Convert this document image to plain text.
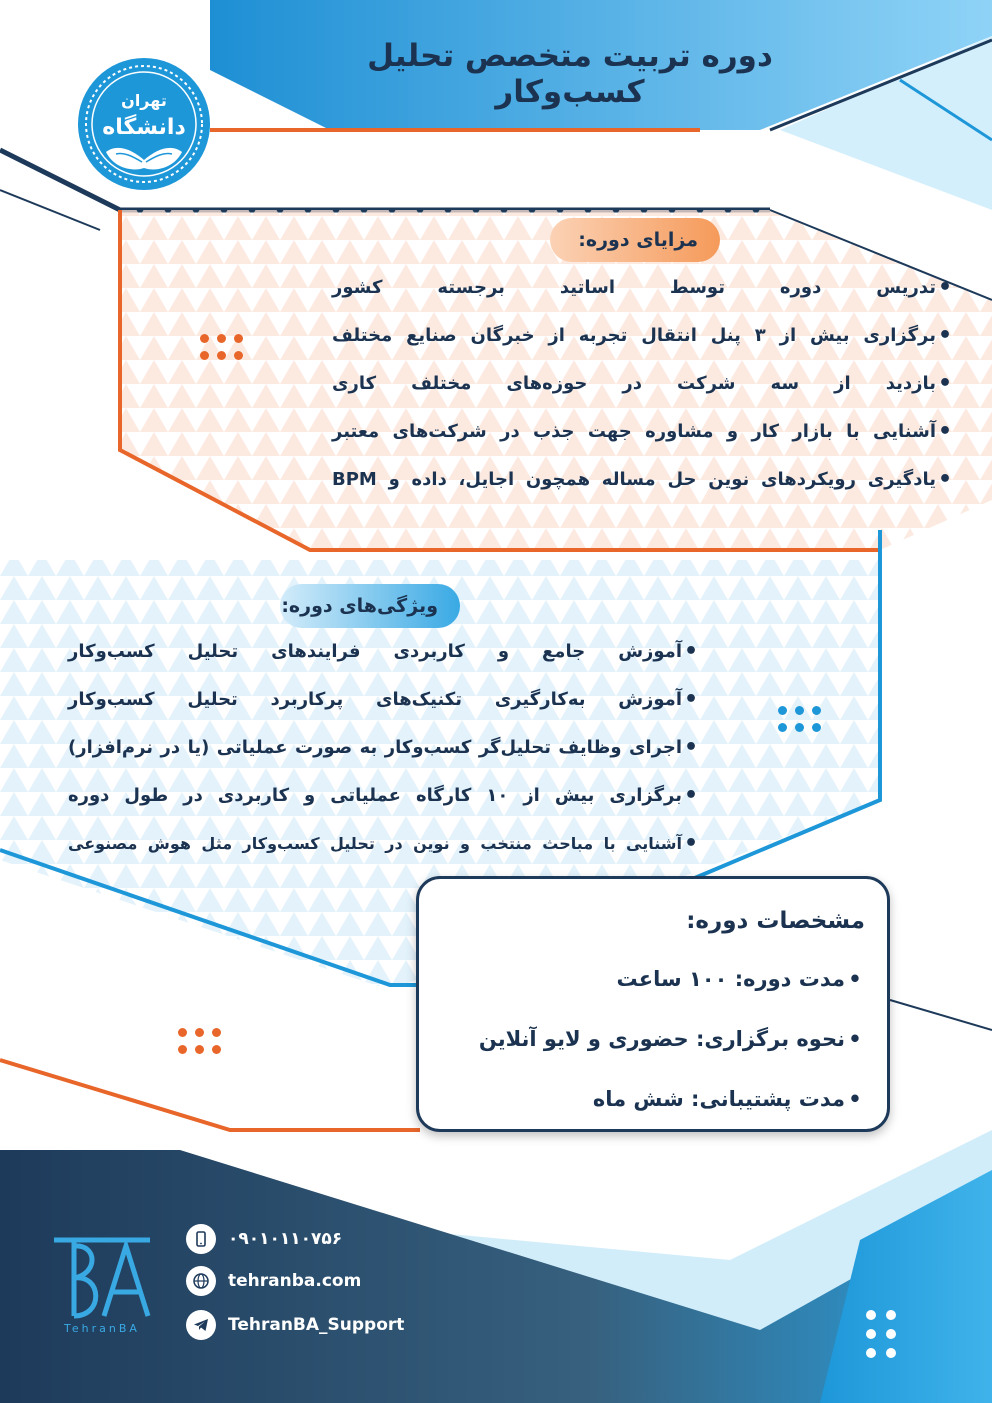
دوره تربیت متخصص تحلیل کسب‌وکار
تهران
دانشگاه
مزایای دوره:
•
تدریس دوره توسط اساتید برجسته کشور
•
برگزاری بیش از ۳ پنل انتقال تجربه از خبرگان صنایع مختلف
•
بازدید از سه شرکت در حوزه‌های مختلف کاری
•
آشنایی با بازار کار و مشاوره جهت جذب در شرکت‌های معتبر
•
یادگیری رویکردهای نوین حل مساله همچون اجایل، داده و BPM
ویژگی‌های دوره:
•
آموزش جامع و کاربردی فرایندهای تحلیل کسب‌وکار
•
آموزش به‌کارگیری تکنیک‌های پرکاربرد تحلیل کسب‌وکار
•
اجرای وظایف تحلیل‌گر کسب‌وکار به صورت عملیاتی (یا در نرم‌افزار)
•
برگزاری بیش از ۱۰ کارگاه عملیاتی و کاربردی در طول دوره
•
آشنایی با مباحث منتخب و نوین در تحلیل کسب‌وکار مثل هوش مصنوعی
مشخصات دوره:
•مدت دوره: ۱۰۰ ساعت
•نحوه برگزاری: حضوری و لایو آنلاین
•مدت پشتیبانی: شش ماه
TehranBA
۰۹۰۱۰۱۱۰۷۵۶
tehranba.com
TehranBA_Support
